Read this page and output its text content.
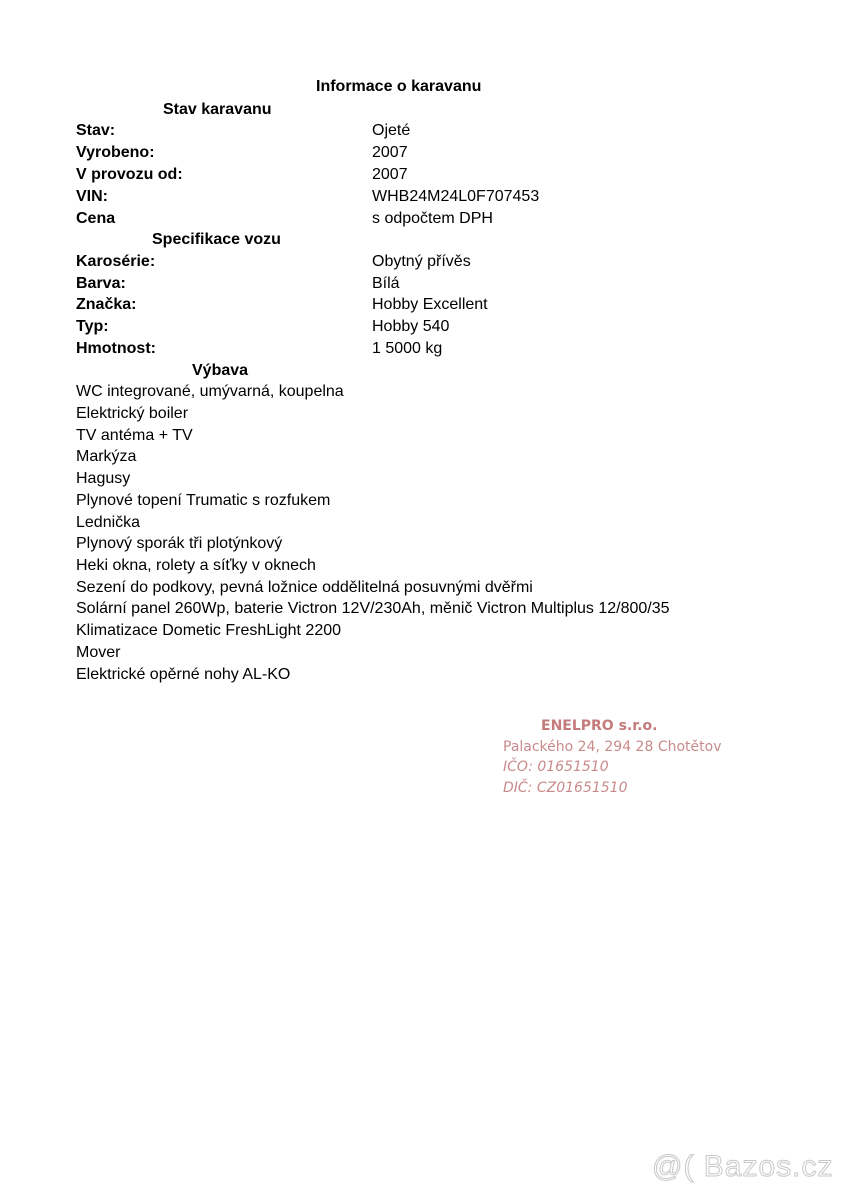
Informace o karavanu
Stav karavanu
Stav:	Ojeté
Vyrobeno:	2007
V provozu od:	2007
VIN:	WHB24M24L0F707453
Cena	s odpočtem DPH
Specifikace vozu
Karosérie:	Obytný přívěs
Barva:	Bílá
Značka:	Hobby Excellent
Typ:	Hobby 540
Hmotnost:	1 5000 kg
Výbava
WC integrované, umývarná, koupelna
Elektrický boiler
TV antéma + TV
Markýza
Hagusy
Plynové topení Trumatic s rozfukem
Lednička
Plynový sporák tři plotýnkový
Heki okna, rolety a síťky v oknech
Sezení do podkovy, pevná ložnice oddělitelná posuvnými dvěřmi
Solární panel 260Wp, baterie Victron 12V/230Ah, měnič Victron Multiplus 12/800/35
Klimatizace Dometic FreshLight 2200
Mover
Elektrické opěrné nohy AL-KO
ENELPRO s.r.o.
Palackého 24, 294 28 Chotětov
IČO: 01651510
DIČ: CZ01651510
@( Bazos.cz
